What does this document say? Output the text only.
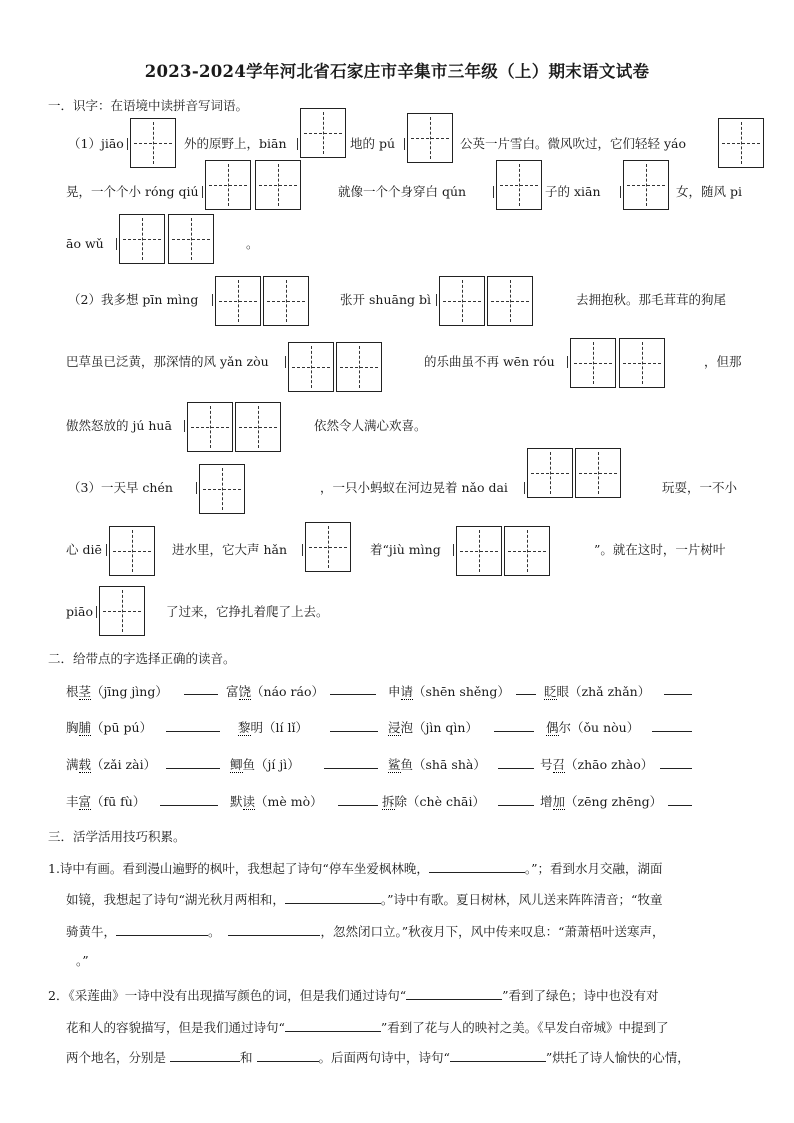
2023-2024学年河北省石家庄市辛集市三年级（上）期末语文试卷
一．识字：在语境中读拼音写词语。
（1）jiāo	外的原野上，biān	地的 pú	公英一片雪白。微风吹过，它们轻轻 yáo
晃，一个个小 róng qiú	就像一个个身穿白 qún	子的 xiān	女，随风 pi
āo wǔ	。
（2）我多想 pīn mìng	张开 shuāng bì	去拥抱秋。那毛茸茸的狗尾
巴草虽已泛黄，那深情的风 yǎn zòu	的乐曲虽不再 wēn róu	，但那
傲然怒放的 jú huā	依然令人满心欢喜。
（3）一天早 chén	，一只小蚂蚁在河边晃着 nǎo dai	玩耍，一不小
心 diē	进水里，它大声 hǎn	着“jiù mìng	”。就在这时，一片树叶
piāo	了过来，它挣扎着爬了上去。
二．给带点的字选择正确的读音。
根茎（jīng jìng）	富饶（náo ráo）	申请（shēn shěng）	眨眼（zhǎ zhǎn）
胸脯（pū pú）	黎明（lí lǐ）	浸泡（jìn qìn）	偶尔（ǒu nòu）
满载（zǎi zài）	鲫鱼（jí jì）	鲨鱼（shā shà）	号召（zhāo zhào）
丰富（fū fù）	默读（mè mò）	拆除（chè chāi）	增加（zēng zhēng）
三．活学活用技巧积累。
1.诗中有画。看到漫山遍野的枫叶，我想起了诗句“停车坐爱枫林晚，	。”；看到水月交融，湖面
如镜，我想起了诗句“湖光秋月两相和，	。”诗中有歌。夏日树林，风儿送来阵阵清音；“牧童
骑黄牛，	。	，忽然闭口立。”秋夜月下，风中传来叹息：“萧萧梧叶送寒声，
。”
2．《采莲曲》一诗中没有出现描写颜色的词，但是我们通过诗句“	”看到了绿色；诗中也没有对
花和人的容貌描写，但是我们通过诗句“	”看到了花与人的映衬之美。《早发白帝城》中提到了
两个地名，分别是	和	。后面两句诗中，诗句“	”烘托了诗人愉快的心情，
